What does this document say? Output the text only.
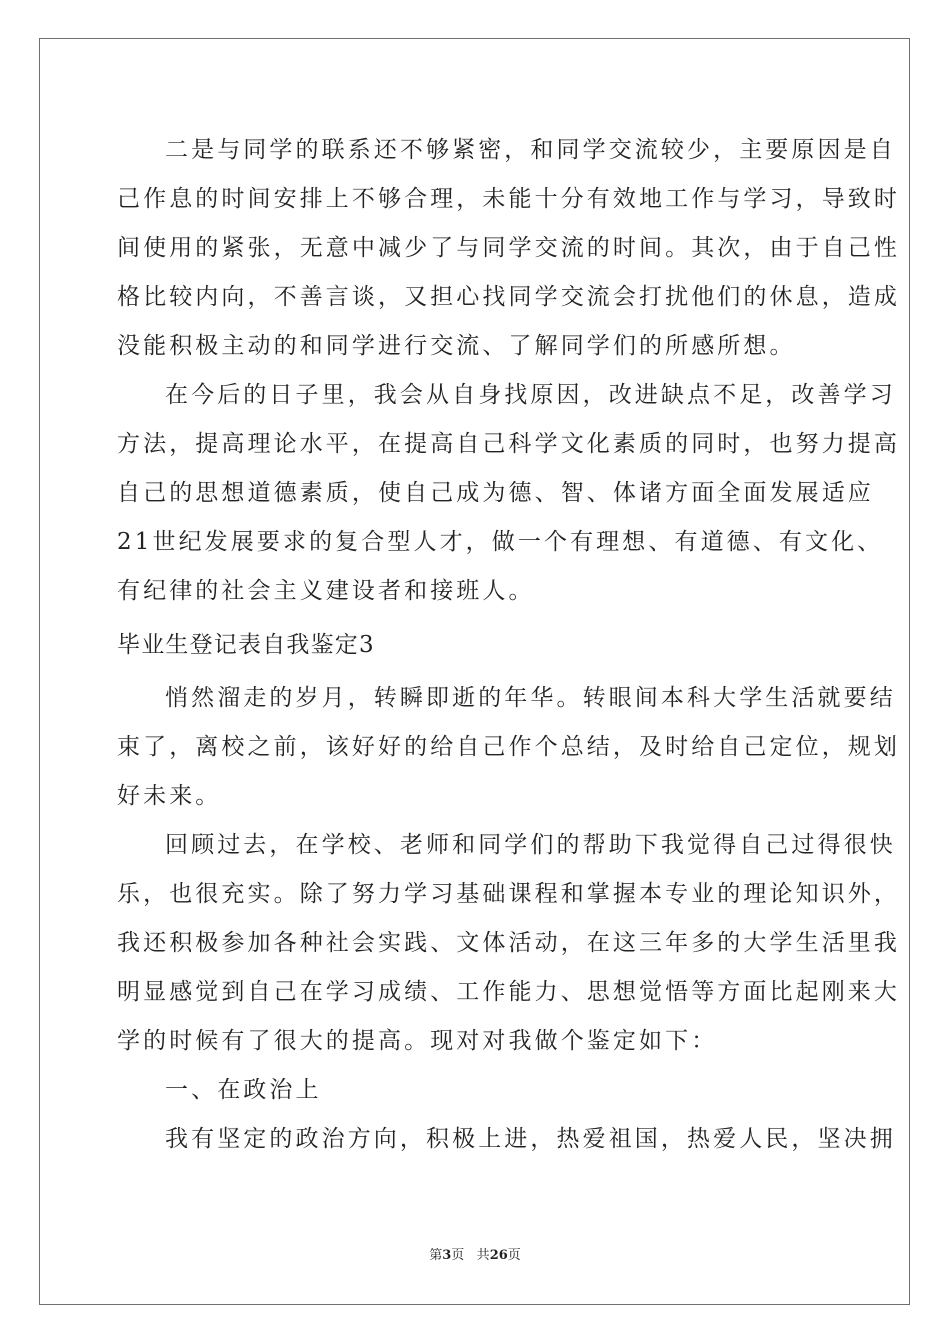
二是与同学的联系还不够紧密，和同学交流较少，主要原因是自
己作息的时间安排上不够合理，未能十分有效地工作与学习，导致时
间使用的紧张，无意中减少了与同学交流的时间。其次，由于自己性
格比较内向，不善言谈，又担心找同学交流会打扰他们的休息，造成
没能积极主动的和同学进行交流、了解同学们的所感所想。
在今后的日子里，我会从自身找原因，改进缺点不足，改善学习
方法，提高理论水平，在提高自己科学文化素质的同时，也努力提高
自己的思想道德素质，使自己成为德、智、体诸方面全面发展适应
21世纪发展要求的复合型人才，做一个有理想、有道德、有文化、
有纪律的社会主义建设者和接班人。
毕业生登记表自我鉴定3
悄然溜走的岁月，转瞬即逝的年华。转眼间本科大学生活就要结
束了，离校之前，该好好的给自己作个总结，及时给自己定位，规划
好未来。
回顾过去，在学校、老师和同学们的帮助下我觉得自己过得很快
乐，也很充实。除了努力学习基础课程和掌握本专业的理论知识外，
我还积极参加各种社会实践、文体活动，在这三年多的大学生活里我
明显感觉到自己在学习成绩、工作能力、思想觉悟等方面比起刚来大
学的时候有了很大的提高。现对对我做个鉴定如下：
一、在政治上
我有坚定的政治方向，积极上进，热爱祖国，热爱人民，坚决拥
第3页 共26页
